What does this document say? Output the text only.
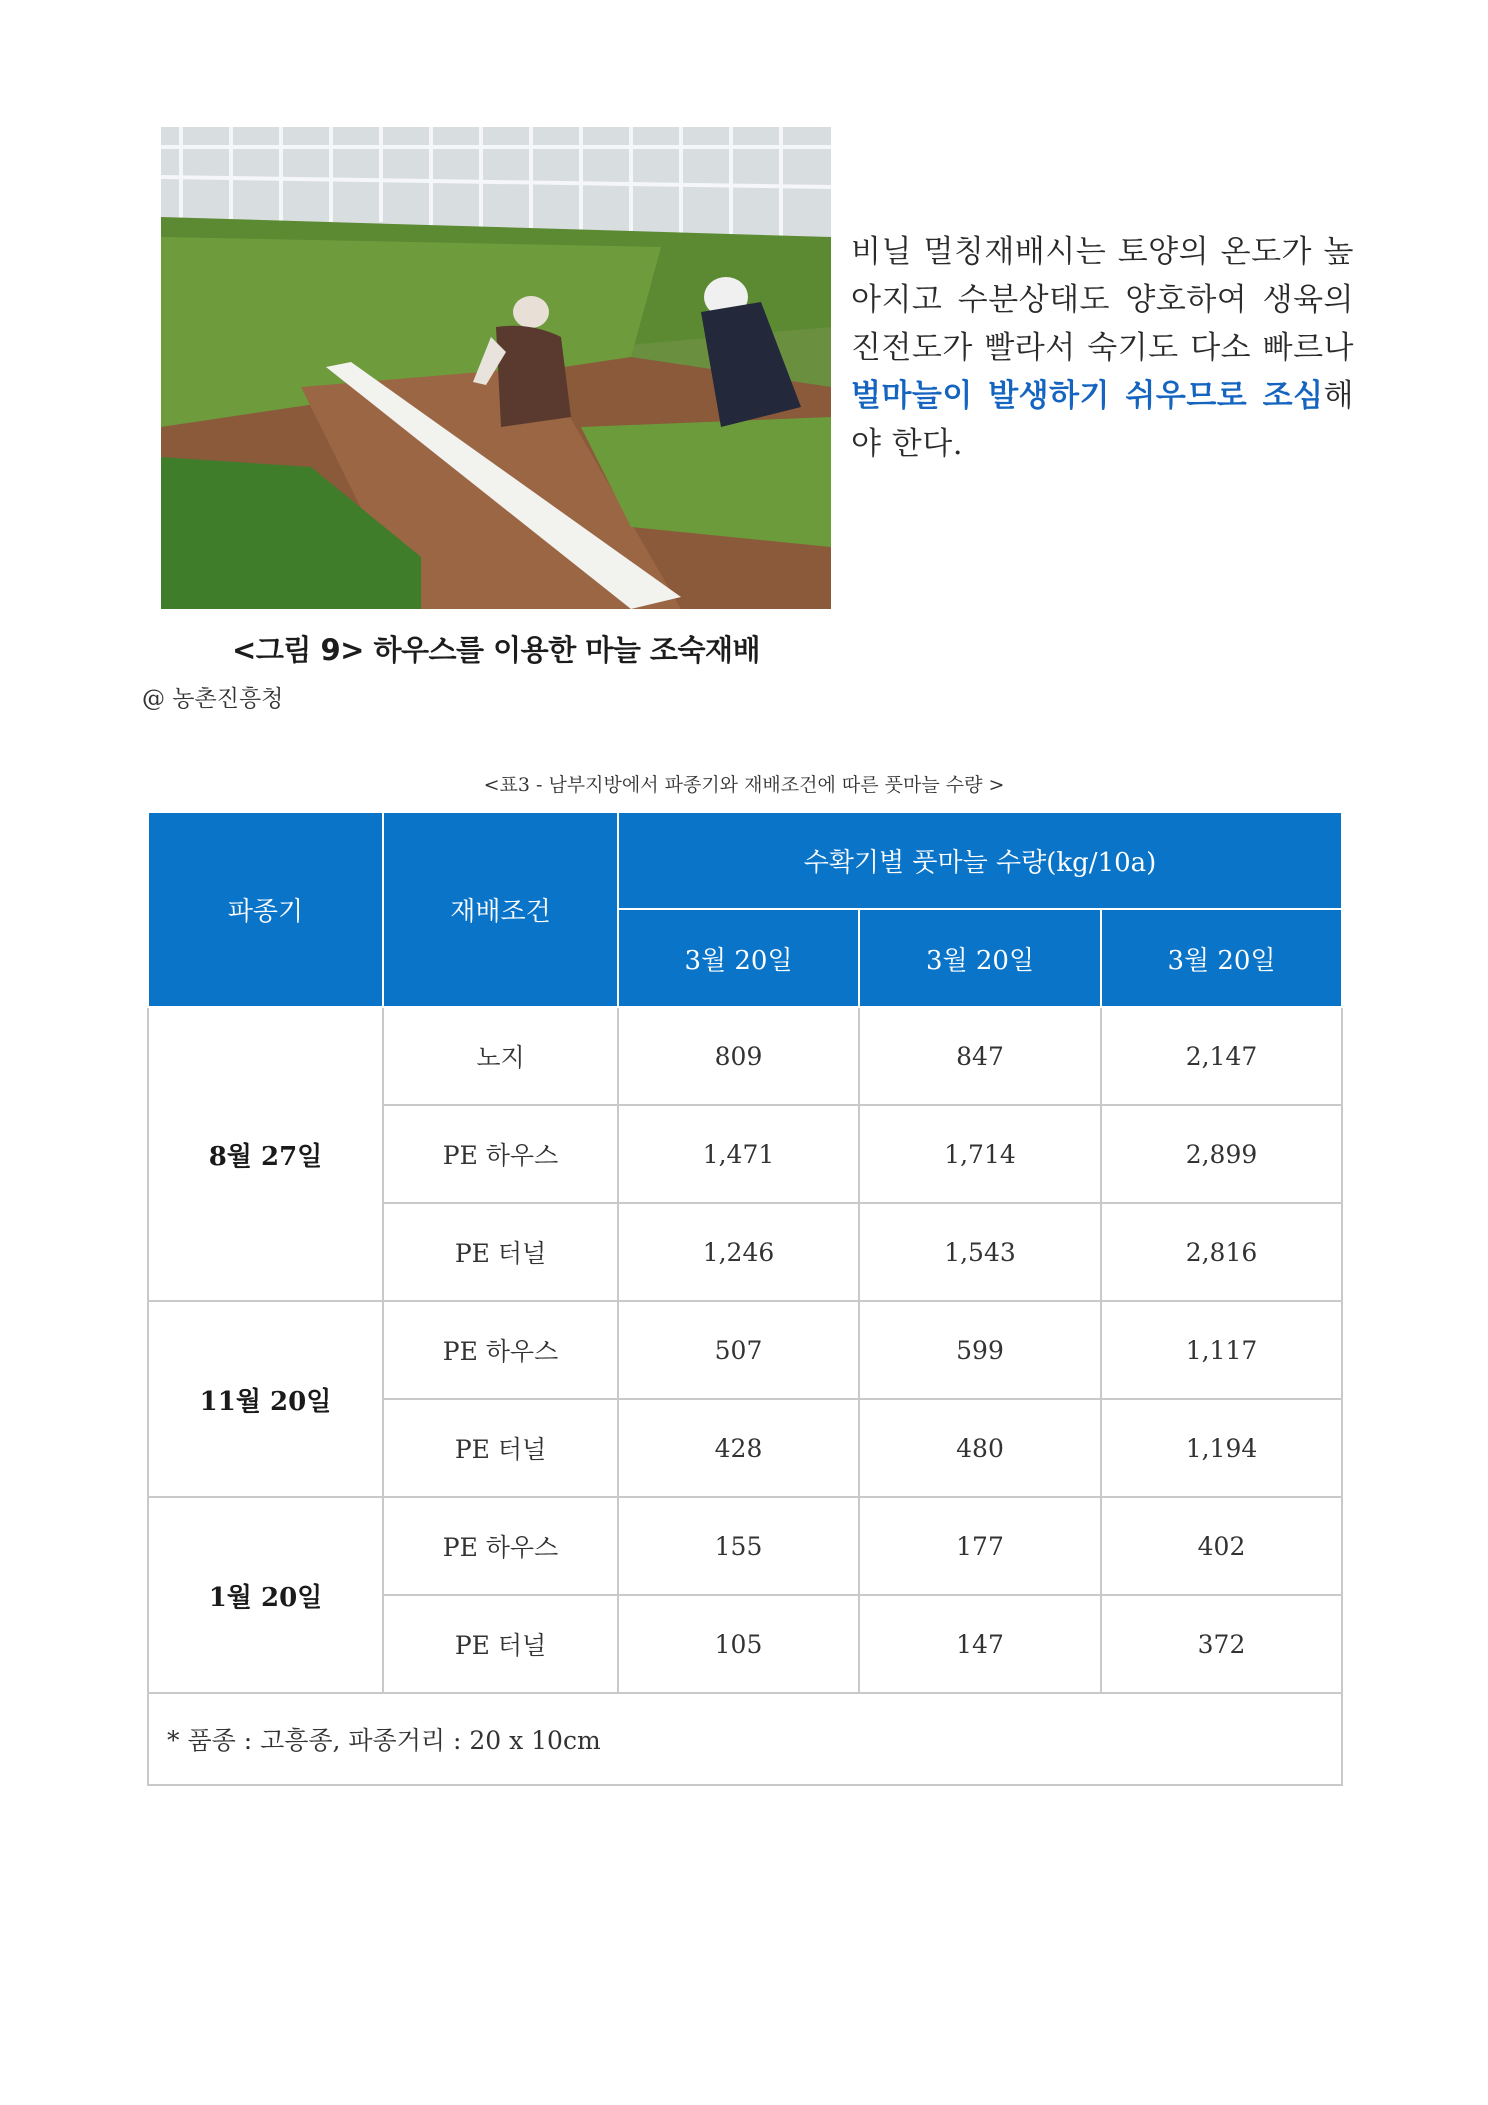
<그림 9> 하우스를 이용한 마늘 조숙재배
@ 농촌진흥청
비닐 멀칭재배시는 토양의 온도가 높아지고 수분상태도 양호하여 생육의 진전도가 빨라서 숙기도 다소 빠르나벌마늘이 발생하기 쉬우므로 조심해야 한다.
<표3 - 남부지방에서 파종기와 재배조건에 따른 풋마늘 수량 >
파종기	재배조건	수확기별 풋마늘 수량(kg/10a)		
		3월 20일	3월 20일	3월 20일
8월 27일	노지	809	847	2,147
	PE 하우스	1,471	1,714	2,899
	PE 터널	1,246	1,543	2,816
11월 20일	PE 하우스	507	599	1,117
	PE 터널	428	480	1,194
1월 20일	PE 하우스	155	177	402
	PE 터널	105	147	372
* 품종 : 고흥종, 파종거리 : 20 x 10cm				
